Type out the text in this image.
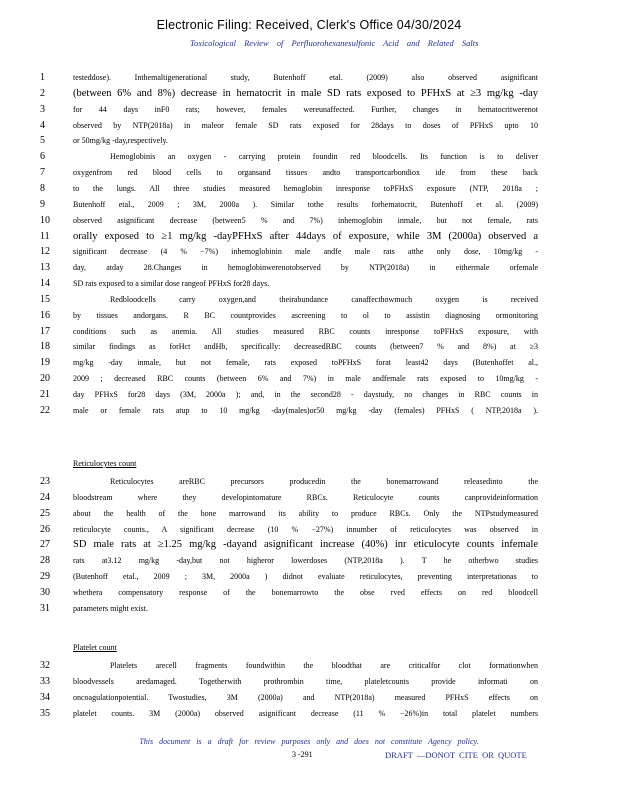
Electronic Filing: Received, Clerk's Office 04/30/2024
Toxicological Review of Perfluorohexanesulfonic Acid and Related Salts
1	testeddose). Inthemaltigenerational study, Butenhoff etal. (2009) also observed asignificant
2	(between 6% and 8%) decrease in hematocrit in male SD rats exposed to PFHxS at ≥3 mg/kg -day
3	for 44 days inF0 rats; however, females wereunaffected. Further, changes in hematocritwerenot
4	observed by NTP(2018a) in maleor female SD rats exposed for 28days to doses of PFHxS upto 10
5	or 50mg/kg -day,respectively.
6	Hemoglobinis an oxygen - carrying protein foundin red bloodcells. Its function is to deliver
7	oxygenfrom red blood cells to organsand tissues andto transportcarbondiox ide from these back
8	to the lungs. All three studies measured hemoglobin inresponse toPFHxS exposure (NTP, 2018a ;
9	Butenhoff etal., 2009 ; 3M, 2000a ). Similar tothe results forhematocrit, Butenhoff et al. (2009)
10	observed asignificant decrease (between5 % and 7%) inhemoglobin inmale, but not female, rats
11	orally exposed to ≥1 mg/kg -dayPFHxS after 44days of exposure, while 3M (2000a) observed a
12	significant decrease (4 % −7%) inhemoglobinin male andfe male rats atthe only dose, 10mg/kg -
13	day, atday 28.Changes in hemoglobinwerenotobserved by NTP(2018a) in eithermale orfemale
14	SD rats exposed to a similar dose rangeof PFHxS for28 days.
15	Redbloodcells carry oxygen,and theirabundance canaffecthowmuch oxygen is received
16	by tissues andorgans. R BC countprovides ascreening to ol to assistin diagnosing ormonitoring
17	conditions such as anemia. All studies measured RBC counts inresponse toPFHxS exposure, with
18	similar findings as forHct andHb, specifically: decreasedRBC counts (between7 % and 8%) at ≥3
19	mg/kg -day inmale, but not female, rats exposed toPFHxS forat least42 days (Butenhoffet al.,
20	2009 ; decreased RBC counts (between 6% and 7%) in male andfemale rats exposed to 10mg/kg -
21	day PFHxS for28 days (3M, 2000a ); and, in the second28 - daystudy, no changes in RBC counts in
22	male or female rats atup to 10 mg/kg -day(males)or50 mg/kg -day (females) PFHxS ( NTP,2018a ).
Reticulocytes count
23	Reticulocytes areRBC precursors producedin the bonemarrowand releasedinto the
24	bloodstream where they developintomature RBCs. Reticulocyte counts canprovideinformation
25	about the health of the bone marrowand its ability to produce RBCs. Only the NTPstudymeasured
26	reticulocyte counts., A significant decrease (10 % −27%) innumber of reticulocytes was observed in
27	SD male rats at ≥1.25 mg/kg -dayand asignificant increase (40%) inr eticulocyte counts infemale
28	rats at3.12 mg/kg -day,but not higheror lowerdoses (NTP,2018a ). T he otherbwo studies
29	(Butenhoff etal., 2009 ; 3M, 2000a ) didnot evaluate reticulocytes, preventing interpretationas to
30	whethera compensatory response of the bonemarrowto the obse rved effects on red bloodcell
31	parameters might exist.
Platelet count
32	Platelets arecell fragments foundwithin the bloodthat are criticalfor clot formationwhen
33	bloodvessels aredamaged. Togetherwith prothrombin time, plateletcounts provide informati on
34	oncoagulationpotential. Twostudies, 3M (2000a) and NTP(2018a) measured PFHxS effects on
35	platelet counts. 3M (2000a) observed asignificant decrease (11 % −26%)in total platelet numbers
This document is a draft for review purposes only and does not constitute Agency policy.
3 -291	DRAFT —DONOT CITE OR QUOTE
